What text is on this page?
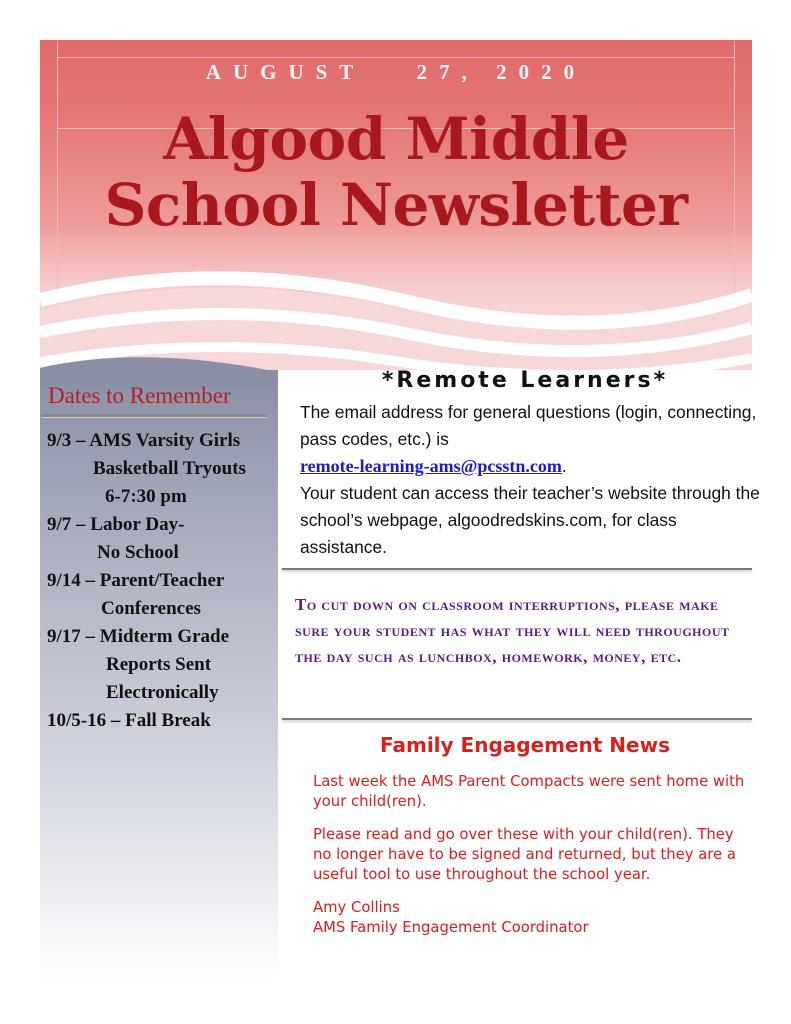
AUGUST   27, 2020
Algood Middle
School Newsletter
Dates to Remember
9/3 – AMS Varsity Girls
Basketball Tryouts
6-7:30 pm
9/7 – Labor Day-
No School
9/14 – Parent/Teacher
Conferences
9/17 – Midterm Grade
Reports Sent
Electronically
10/5-16 – Fall Break
*Remote Learners*

The email address for general questions (login, connecting, pass codes, etc.) is

remote-learning-ams@pcsstn.com.

Your student can access their teacher’s website through the school’s webpage, algoodredskins.com, for class assistance.

To cut down on classroom interruptions, please make sure your student has what they will need throughout the day such as lunchbox, homework, money, etc.
Family Engagement News

Last week the AMS Parent Compacts were sent home with your child(ren).

Please read and go over these with your child(ren). They no longer have to be signed and returned, but they are a useful tool to use throughout the school year.

Amy Collins
AMS Family Engagement Coordinator
